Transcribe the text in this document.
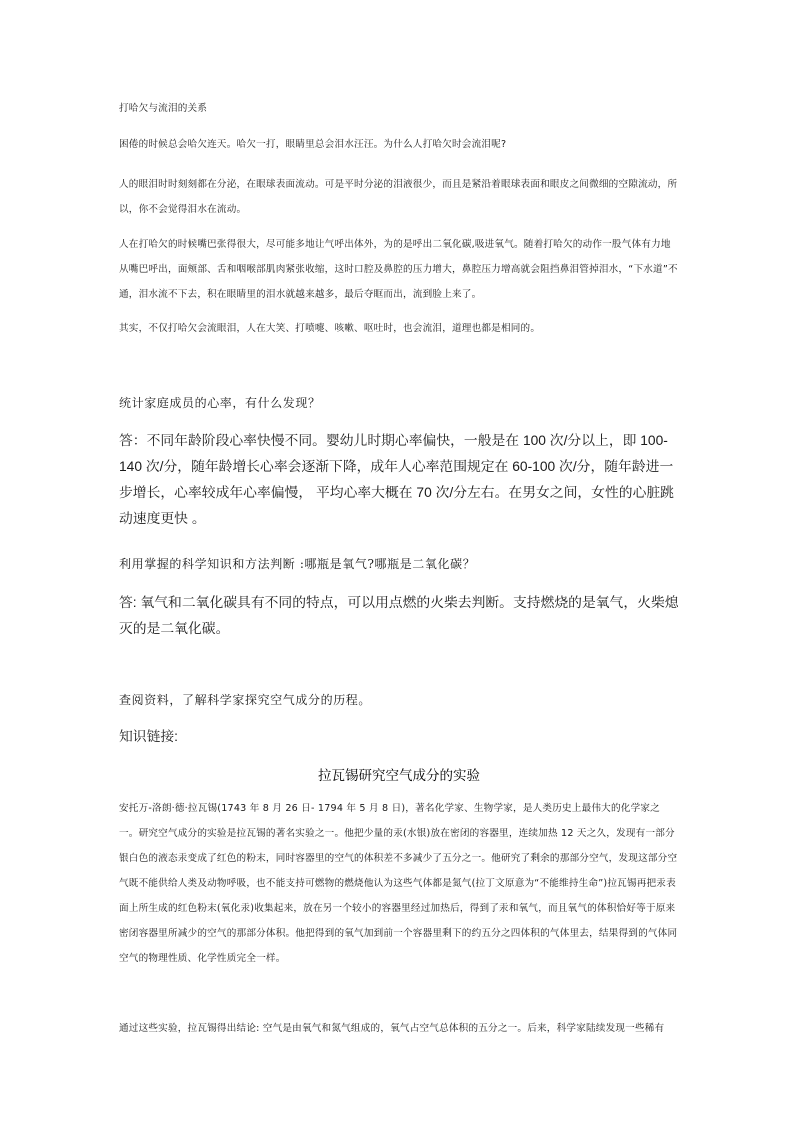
打哈欠与流泪的关系

困倦的时候总会哈欠连天。哈欠一打，眼睛里总会泪水汪汪。为什么人打哈欠时会流泪呢?

人的眼泪时时刻刻都在分泌，在眼球表面流动。可是平时分泌的泪液很少，而且是紧沿着眼球表面和眼皮之间微细的空隙流动，所以，你不会觉得泪水在流动。

人在打哈欠的时候嘴巴张得很大，尽可能多地让气呼出体外，为的是呼出二氧化碳,吸进氧气。随着打哈欠的动作一股气体有力地从嘴巴呼出，面颊部、舌和咽喉部肌肉紧张收缩，这时口腔及鼻腔的压力增大，鼻腔压力增高就会阻挡鼻泪管掉泪水，“下水道”不通，泪水流不下去，积在眼睛里的泪水就越来越多，最后夺眶而出，流到脸上来了。

其实，不仅打哈欠会流眼泪，人在大笑、打喷嚏、咳嗽、呕吐时，也会流泪，道理也都是相同的。

统计家庭成员的心率，有什么发现？

答：不同年龄阶段心率快慢不同。婴幼儿时期心率偏快，一般是在 100 次/分以上，即 100-140 次/分，随年龄增长心率会逐渐下降，成年人心率范围规定在 60-100 次/分，随年龄进一步增长，心率较成年心率偏慢， 平均心率大概在 70 次/分左右。在男女之间，女性的心脏跳动速度更快 。

利用掌握的科学知识和方法判断 :哪瓶是氧气?哪瓶是二氧化碳？

答: 氧气和二氧化碳具有不同的特点，可以用点燃的火柴去判断。支持燃烧的是氧气，火柴熄灭的是二氧化碳。

查阅资料，了解科学家探究空气成分的历程。

知识链接:

拉瓦锡研究空气成分的实验

安托万-洛朗·德·拉瓦锡(1743 年 8 月 26 日- 1794 年 5 月 8 日)，著名化学家、生物学家，是人类历史上最伟大的化学家之一。研究空气成分的实验是拉瓦锡的著名实验之一。他把少量的汞(水银)放在密闭的容器里，连续加热 12 天之久，发现有一部分银白色的液态汞变成了红色的粉末，同时容器里的空气的体积差不多减少了五分之一。他研究了剩余的那部分空气，发现这部分空气既不能供给人类及动物呼吸，也不能支持可燃物的燃烧他认为这些气体都是氮气(拉丁文原意为“不能维持生命”)拉瓦锡再把汞表面上所生成的红色粉末(氧化汞)收集起来，放在另一个较小的容器里经过加热后，得到了汞和氧气，而且氧气的体积恰好等于原来密闭容器里所减少的空气的那部分体积。他把得到的氧气加到前一个容器里剩下的约五分之四体积的气体里去，结果得到的气体同空气的物理性质、化学性质完全一样。

通过这些实验，拉瓦锡得出结论: 空气是由氧气和氮气组成的，氧气占空气总体积的五分之一。后来，科学家陆续发现一些稀有
